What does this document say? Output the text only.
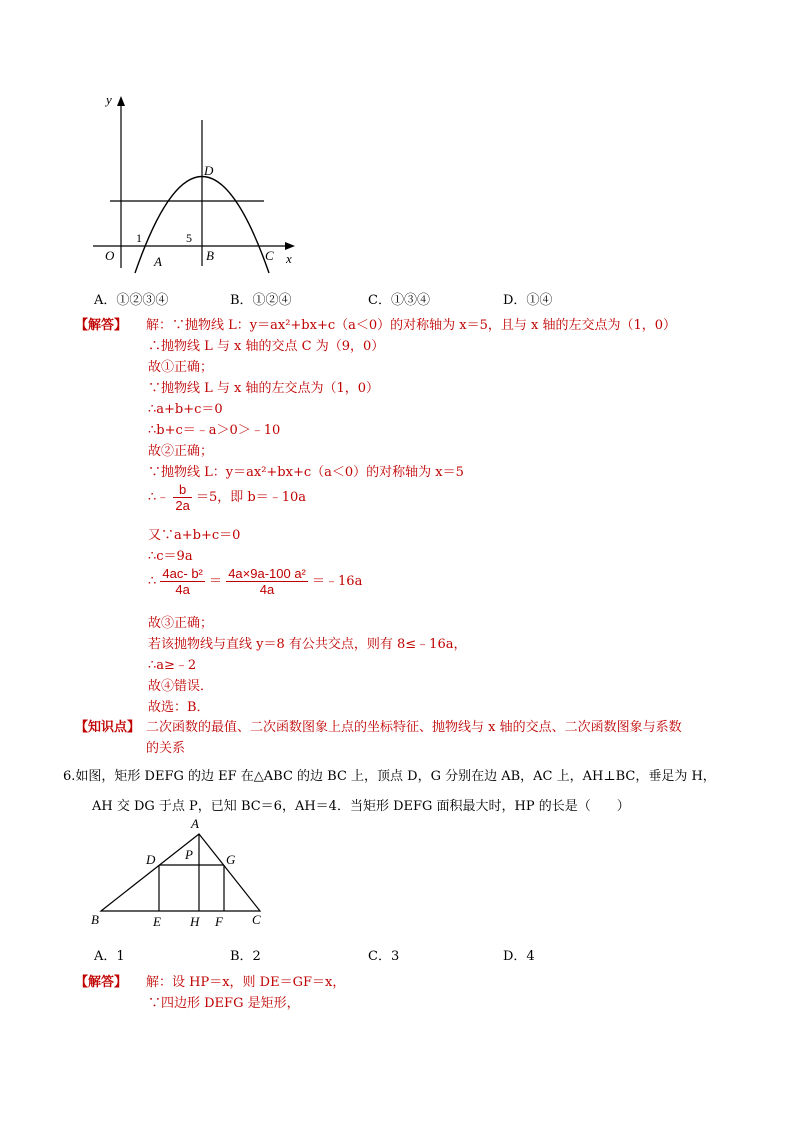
y
x
O	A	B	C
D
1	5
A．①②③④	B．①②④	C．①③④	D．①④
【解答】 解：∵抛物线 L：y＝ax²+bx+c（a＜0）的对称轴为 x＝5，且与 x 轴的左交点为（1，0）
∴抛物线 L 与 x 轴的交点 C 为（9，0）
故①正确；
∵抛物线 L 与 x 轴的左交点为（1，0）
∴a+b+c＝0
∴b+c＝﹣a＞0＞﹣10
故②正确；
∵抛物线 L：y＝ax²+bx+c（a＜0）的对称轴为 x＝5
∴﹣ $\frac{b}{2a} =5$，即 b＝﹣10a
又∵a+b+c＝0
∴c＝9a
∴ $\frac{\text{4ac- b²}}{4a} = \frac{\text{4a×9a-100 a²}}{4a}$ ＝﹣16a
故③正确；
若该抛物线与直线 y＝8 有公共交点，则有 8≤﹣16a，
∴a≥﹣2
故④错误．
故选：B．
【知识点】 二次函数的最值、二次函数图象上点的坐标特征、抛物线与 x 轴的交点、二次函数图象与系数
的关系
6.如图，矩形 DEFG 的边 EF 在△ABC 的边 BC 上，顶点 D，G 分别在边 AB，AC 上，AH⊥BC，垂足为 H，
AH 交 DG 于点 P，已知 BC＝6，AH＝4．当矩形 DEFG 面积最大时，HP 的长是（　　）
A
B	C
D	G
P
E H F
A．1	B．2	C．3	D．4
【解答】 解：设 HP＝x，则 DE＝GF＝x，
∵四边形 DEFG 是矩形，
